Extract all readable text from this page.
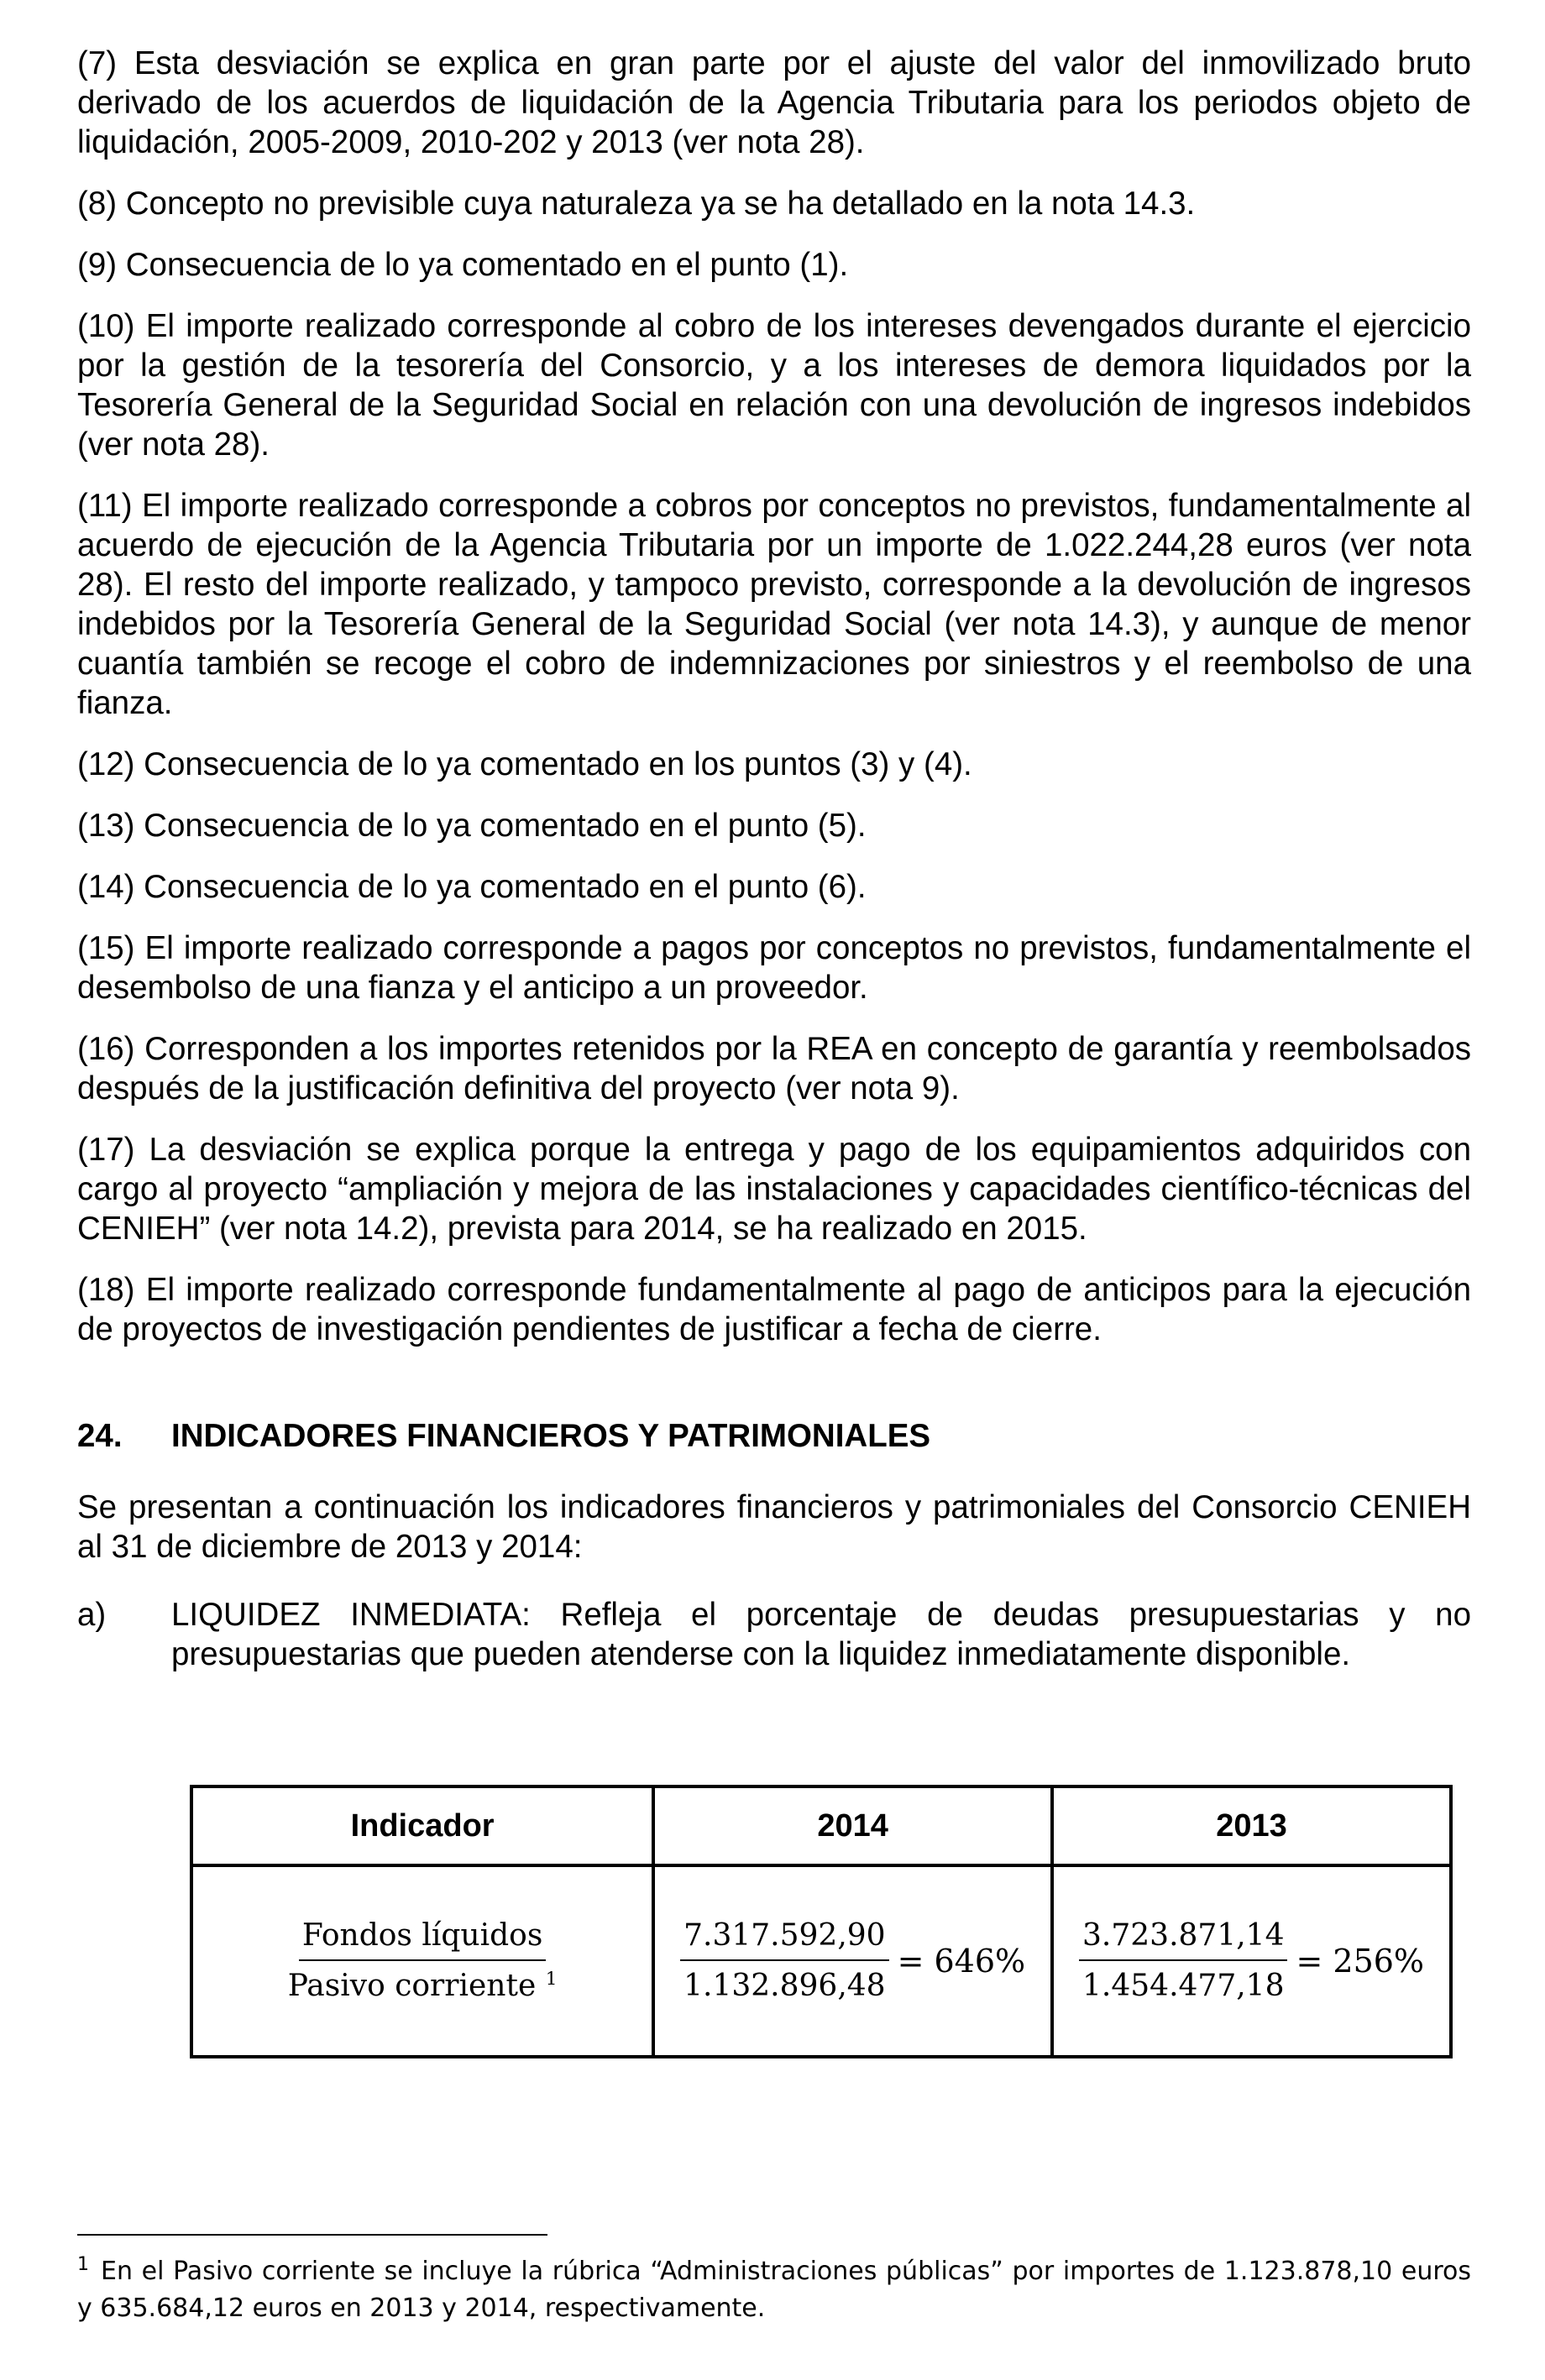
(7) Esta desviación se explica en gran parte por el ajuste del valor del inmovilizado bruto derivado de los acuerdos de liquidación de la Agencia Tributaria para los periodos objeto de liquidación, 2005-2009, 2010-202 y 2013 (ver nota 28).

(8) Concepto no previsible cuya naturaleza ya se ha detallado en la nota 14.3.

(9) Consecuencia de lo ya comentado en el punto (1).

(10) El importe realizado corresponde al cobro de los intereses devengados durante el ejercicio por la gestión de la tesorería del Consorcio, y a los intereses de demora liquidados por la Tesorería General de la Seguridad Social en relación con una devolución de ingresos indebidos (ver nota 28).

(11) El importe realizado corresponde a cobros por conceptos no previstos, fundamentalmente al acuerdo de ejecución de la Agencia Tributaria por un importe de 1.022.244,28 euros (ver nota 28). El resto del importe realizado, y tampoco previsto, corresponde a la devolución de ingresos indebidos por la Tesorería General de la Seguridad Social (ver nota 14.3), y aunque de menor cuantía también se recoge el cobro de indemnizaciones por siniestros y el reembolso de una fianza.

(12) Consecuencia de lo ya comentado en los puntos (3) y (4).

(13) Consecuencia de lo ya comentado en el punto (5).

(14) Consecuencia de lo ya comentado en el punto (6).

(15) El importe realizado corresponde a pagos por conceptos no previstos, fundamentalmente el desembolso de una fianza y el anticipo a un proveedor.

(16) Corresponden a los importes retenidos por la REA en concepto de garantía y reembolsados después de la justificación definitiva del proyecto (ver nota 9).

(17) La desviación se explica porque la entrega y pago de los equipamientos adquiridos con cargo al proyecto “ampliación y mejora de las instalaciones y capacidades científico-técnicas del CENIEH” (ver nota 14.2), prevista para 2014, se ha realizado en 2015.

(18) El importe realizado corresponde fundamentalmente al pago de anticipos para la ejecución de proyectos de investigación pendientes de justificar a fecha de cierre.

24.	INDICADORES FINANCIEROS Y PATRIMONIALES

Se presentan a continuación los indicadores financieros y patrimoniales del Consorcio CENIEH al 31 de diciembre de 2013 y 2014:

a)	LIQUIDEZ INMEDIATA: Refleja el porcentaje de deudas presupuestarias y no presupuestarias que pueden atenderse con la liquidez inmediatamente disponible.
Indicador	2014	2013

$\frac{\text{Fondos líquidos}}{Pasivo corriente ^1}$	$\frac{7.317.592,90}{1.132.896,48} = 646\%$	$\frac{3.723.871,14}{1.454.477,18} = 256\%$
$^1$ En el Pasivo corriente se incluye la rúbrica “Administraciones públicas” por importes de 1.123.878,10 euros y 635.684,12 euros en 2013 y 2014, respectivamente.
